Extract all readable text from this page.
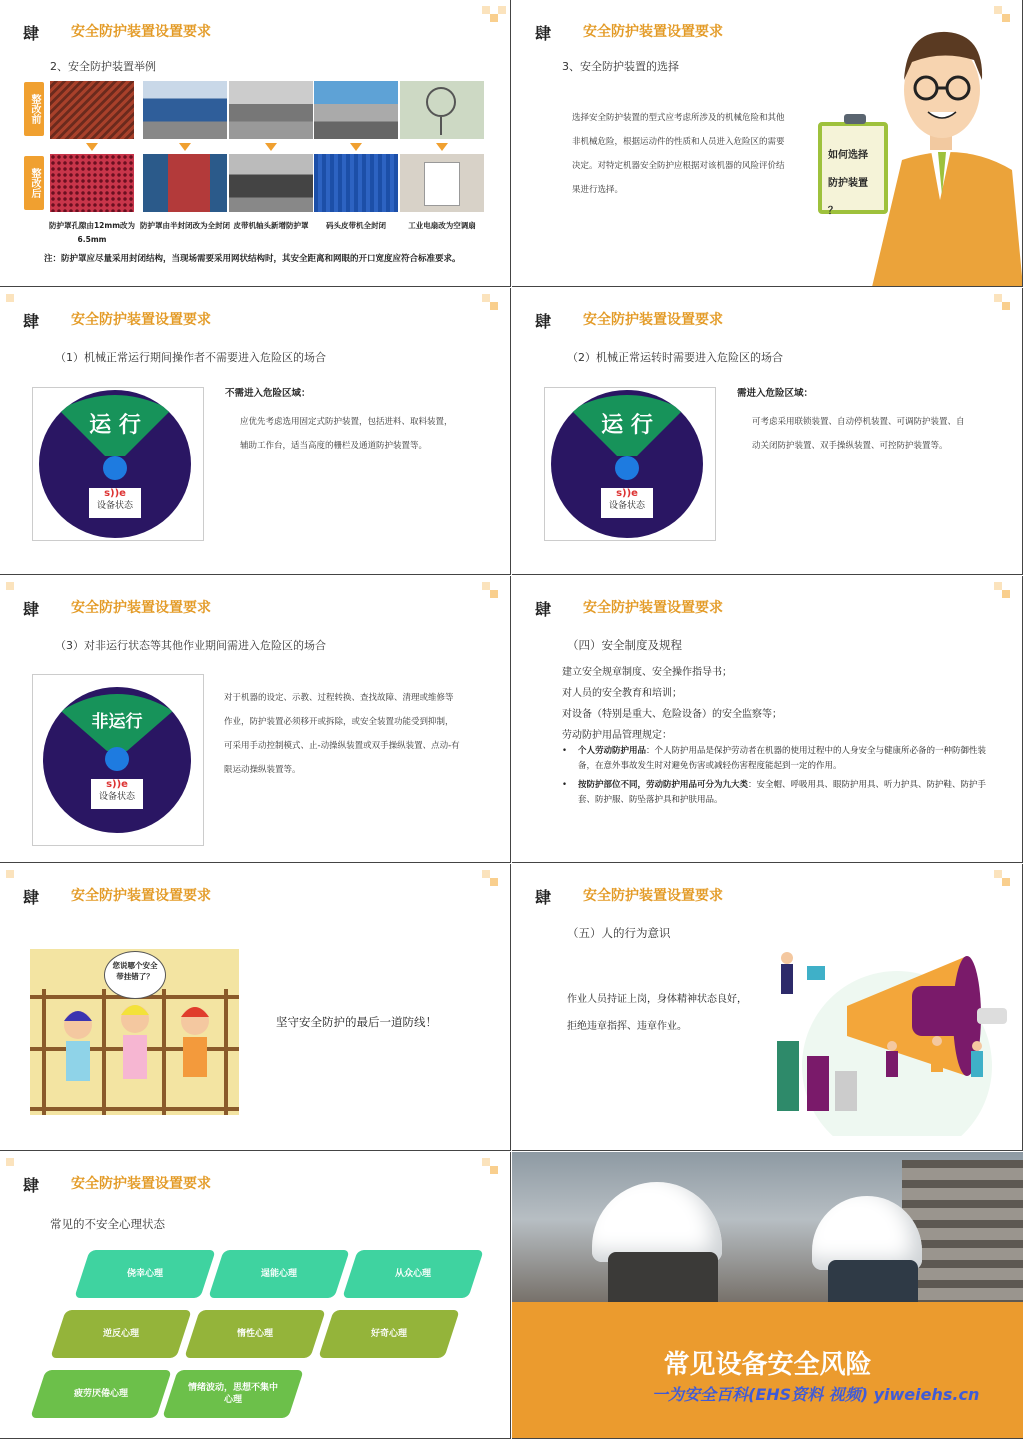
肆 安全防护装置设置要求
2、安全防护装置举例
整改前
整改后
防护罩孔隙由12mm改为6.5mm
防护罩由半封闭改为全封闭 皮带机轴头新增防护罩	码头皮带机全封闭	工业电扇改为空调扇
注：防护罩应尽量采用封闭结构，当现场需要采用网状结构时，其安全距离和网眼的开口宽度应符合标准要求。
肆 安全防护装置设置要求
3、安全防护装置的选择
选择安全防护装置的型式应考虑所涉及的机械危险和其他非机械危险，根据运动件的性质和人员进入危险区的需要决定。对特定机器安全防护应根据对该机器的风险评价结果进行选择。
如何选择
防护装置
？
肆 安全防护装置设置要求
（1）机械正常运行期间操作者不需要进入危险区的场合
运 行
s))e
设备状态
不需进入危险区域：
应优先考虑选用固定式防护装置，包括进料、取料装置，辅助工作台，适当高度的栅栏及通道防护装置等。
肆 安全防护装置设置要求
（2）机械正常运转时需要进入危险区的场合
运 行
s))e
设备状态
需进入危险区域：
可考虑采用联锁装置、自动停机装置、可调防护装置、自动关闭防护装置、双手操纵装置、可控防护装置等。
肆 安全防护装置设置要求
（3）对非运行状态等其他作业期间需进入危险区的场合
非运行
s))e
设备状态
对于机器的设定、示教、过程转换、查找故障、清理或维修等作业，防护装置必须移开或拆除，或安全装置功能受到抑制，可采用手动控制模式、止-动操纵装置或双手操纵装置、点动-有限运动操纵装置等。
肆 安全防护装置设置要求
（四）安全制度及规程
建立安全规章制度、安全操作指导书；
对人员的安全教育和培训；
对设备（特别是重大、危险设备）的安全监察等；
劳动防护用品管理规定：
• 个人劳动防护用品：个人防护用品是保护劳动者在机器的使用过程中的人身安全与健康所必备的一种防御性装备，在意外事故发生时对避免伤害或减轻伤害程度能起到一定的作用。
• 按防护部位不同，劳动防护用品可分为九大类：安全帽、呼吸用具、眼防护用具、听力护具、防护鞋、防护手套、防护服、防坠落护具和护肤用品。
肆 安全防护装置设置要求
您说哪个安全带挂错了？
坚守安全防护的最后一道防线！
肆 安全防护装置设置要求
（五）人的行为意识
作业人员持证上岗，身体精神状态良好，拒绝违章指挥、违章作业。
肆 安全防护装置设置要求
常见的不安全心理状态
侥幸心理	逞能心理	从众心理
逆反心理	惰性心理	好奇心理
疲劳厌倦心理
情绪波动，思想不集中心理
常见设备安全风险
一为安全百科(EHS资料 视频) yiweiehs.cn
